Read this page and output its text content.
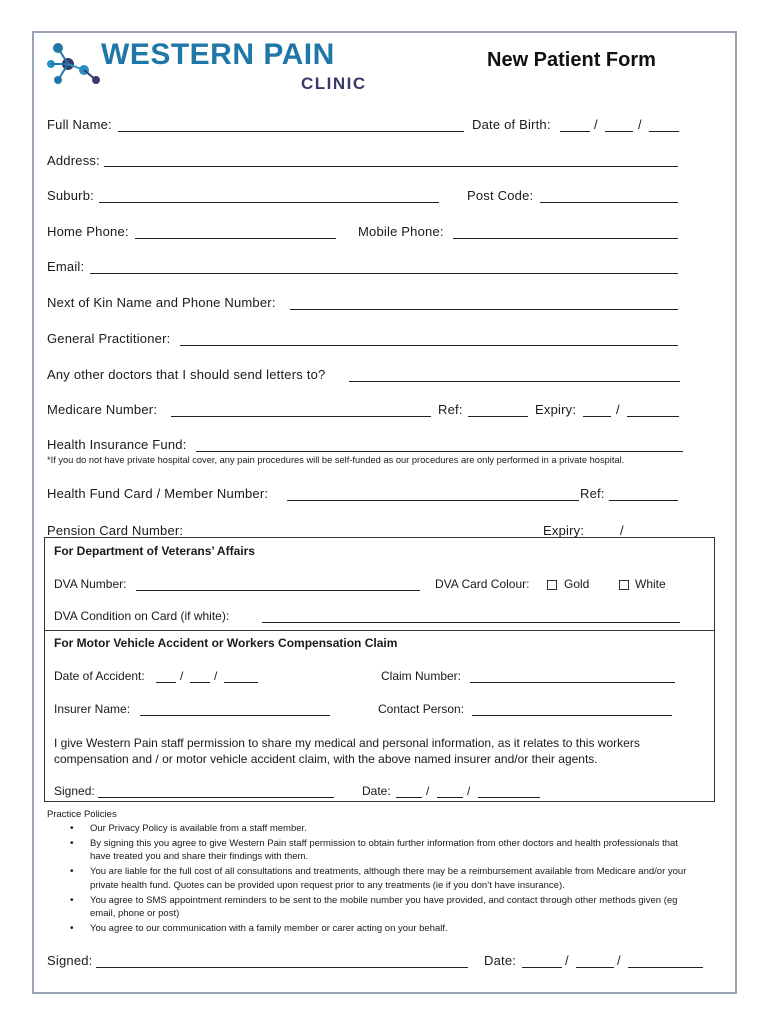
WESTERN PAIN
CLINIC
New Patient Form
Full Name:	Date of Birth:	/	/
Address:
Suburb:	Post Code:
Home Phone:	Mobile Phone:
Email:
Next of Kin Name and Phone Number:
General Practitioner:
Any other doctors that I should send letters to?
Medicare Number:	Ref:	Expiry:	/
Health Insurance Fund:
*If you do not have private hospital cover, any pain procedures will be self-funded as our procedures are only performed in a private hospital.
Health Fund Card / Member Number:	Ref:
Pension Card Number:	Expiry:	/
For Department of Veterans’ Affairs
DVA Number:	DVA Card Colour:	Gold	White
DVA Condition on Card (if white):
For Motor Vehicle Accident or Workers Compensation Claim
Date of Accident:	/	/	Claim Number:
Insurer Name:	Contact Person:
I give Western Pain staff permission to share my medical and personal information, as it relates to this workers compensation and / or motor vehicle accident claim, with the above named insurer and/or their agents.
Signed:	Date:	/	/
Practice Policies
• Our Privacy Policy is available from a staff member.
• By signing this you agree to give Western Pain staff permission to obtain further information from other doctors and health professionals that have treated you and share their findings with them.
• You are liable for the full cost of all consultations and treatments, although there may be a reimbursement available from Medicare and/or your private health fund. Quotes can be provided upon request prior to any treatments (ie if you don’t have insurance).
• You agree to SMS appointment reminders to be sent to the mobile number you have provided, and contact through other methods given (eg email, phone or post)
• You agree to our communication with a family member or carer acting on your behalf.
Signed:	Date:	/	/
